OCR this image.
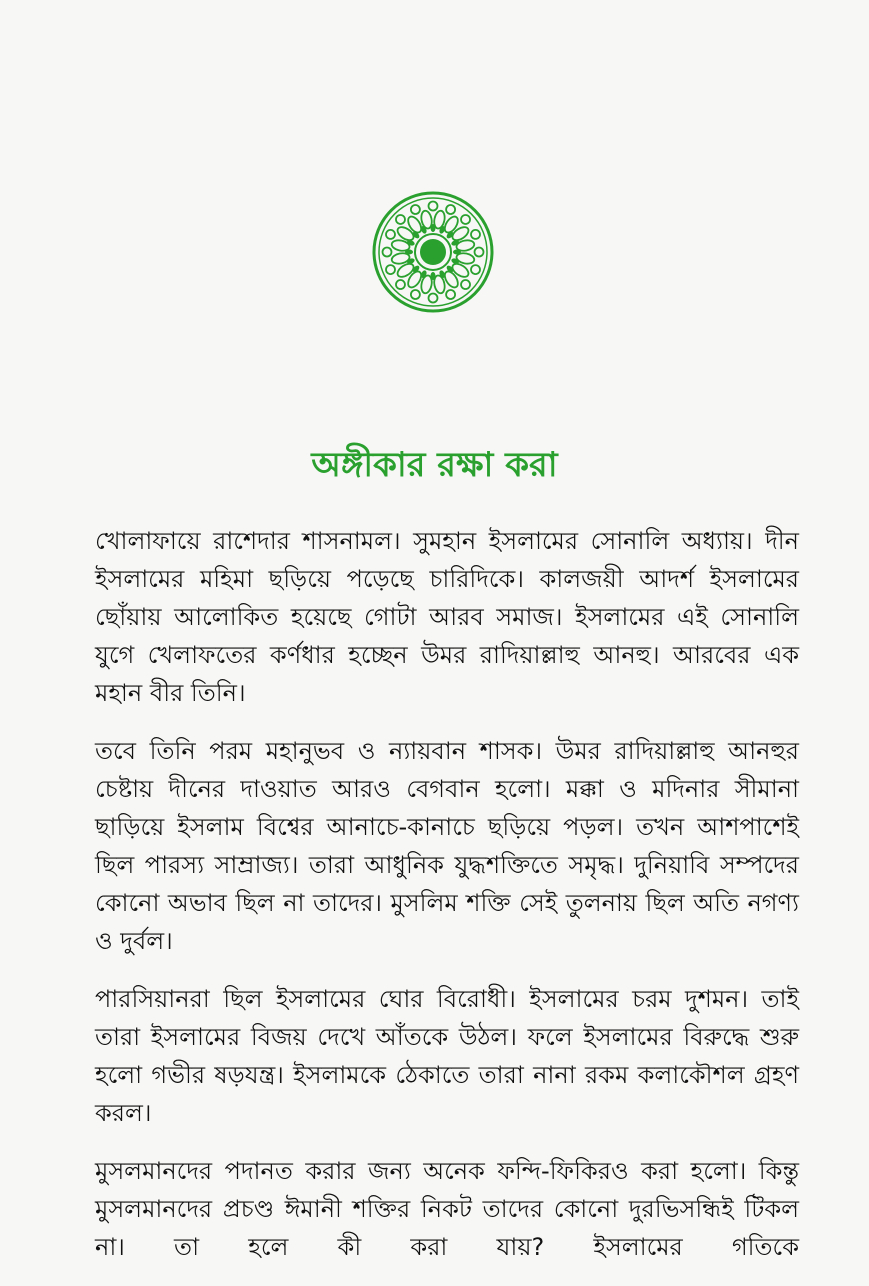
অঙ্গীকার রক্ষা করা

খোলাফায়ে রাশেদার শাসনামল। সুমহান ইসলামের সোনালি অধ্যায়। দীন ইসলামের মহিমা ছড়িয়ে পড়েছে চারিদিকে। কালজয়ী আদর্শ ইসলামের ছোঁয়ায় আলোকিত হয়েছে গোটা আরব সমাজ। ইসলামের এই সোনালি যুগে খেলাফতের কর্ণধার হচ্ছেন উমর রাদিয়াল্লাহু আনহু। আরবের এক মহান বীর তিনি।

তবে তিনি পরম মহানুভব ও ন্যায়বান শাসক। উমর রাদিয়াল্লাহু আনহুর চেষ্টায় দীনের দাওয়াত আরও বেগবান হলো। মক্কা ও মদিনার সীমানা ছাড়িয়ে ইসলাম বিশ্বের আনাচে-কানাচে ছড়িয়ে পড়ল। তখন আশপাশেই ছিল পারস্য সাম্রাজ্য। তারা আধুনিক যুদ্ধশক্তিতে সমৃদ্ধ। দুনিয়াবি সম্পদের কোনো অভাব ছিল না তাদের। মুসলিম শক্তি সেই তুলনায় ছিল অতি নগণ্য ও দুর্বল।

পারসিয়ানরা ছিল ইসলামের ঘোর বিরোধী। ইসলামের চরম দুশমন। তাই তারা ইসলামের বিজয় দেখে আঁতকে উঠল। ফলে ইসলামের বিরুদ্ধে শুরু হলো গভীর ষড়যন্ত্র। ইসলামকে ঠেকাতে তারা নানা রকম কলাকৌশল গ্রহণ করল।

মুসলমানদের পদানত করার জন্য অনেক ফন্দি-ফিকিরও করা হলো। কিন্তু মুসলমানদের প্রচণ্ড ঈমানী শক্তির নিকট তাদের কোনো দুরভিসন্ধিই টিকল না। তা হলে কী করা যায়? ইসলামের গতিকে
